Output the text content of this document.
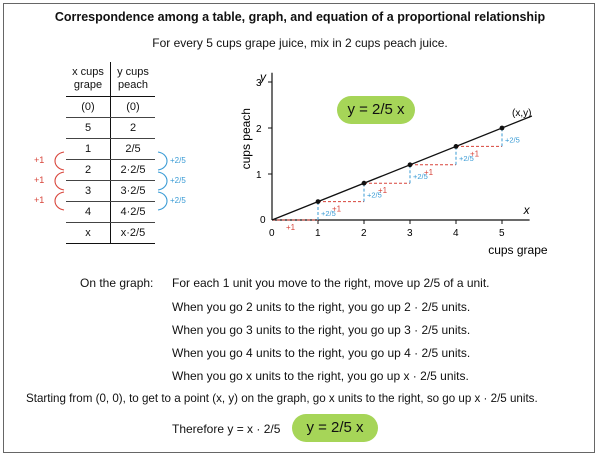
Correspondence among a table, graph, and equation of a proportional relationship
For every 5 cups grape juice, mix in 2 cups peach juice.
x cups
grape	y cups
peach
(0)	(0)
5	2
1	2/5
2	2·2/5
3	3·2/5
4	4·2/5
x	x·2/5
+1
+1
+1
+2/5
+2/5
+2/5
x
y
cups grape
cups peach
0
0	1	2	3	4	5
1
2
3
+1
+2/5
+1
+2/5
+1
+2/5
+1
+2/5
+1
+2/5
(x,y)
y = 2/5 x
On the graph: For each 1 unit you move to the right, move up 2/5 of a unit.
When you go 2 units to the right, you go up 2 · 2/5 units.
When you go 3 units to the right, you go up 3 · 2/5 units.
When you go 4 units to the right, you go up 4 · 2/5 units.
When you go x units to the right, you go up x · 2/5 units.
Starting from (0, 0), to get to a point (x, y) on the graph, go x units to the right, so go up x · 2/5 units.
Therefore y = x · 2/5	y = 2/5 x
